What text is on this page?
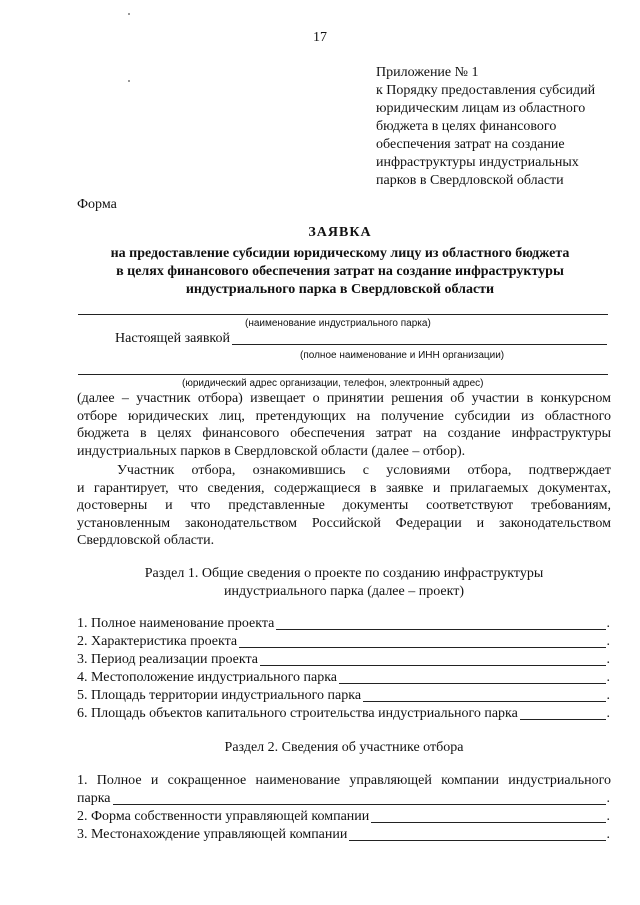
17
Приложение № 1
к Порядку предоставления субсидий
юридическим лицам из областного
бюджета в целях финансового
обеспечения затрат на создание
инфраструктуры индустриальных
парков в Свердловской области
Форма
ЗАЯВКА
на предоставление субсидии юридическому лицу из областного бюджета
в целях финансового обеспечения затрат на создание инфраструктуры
индустриального парка в Свердловской области
(наименование индустриального парка)
Настоящей заявкой
(полное наименование и ИНН организации)
(юридический адрес организации, телефон, электронный адрес)
(далее – участник отбора) извещает о принятии решения об участии в конкурсном
отборе юридических лиц, претендующих на получение субсидии из областного
бюджета в целях финансового обеспечения затрат на создание инфраструктуры
индустриальных парков в Свердловской области (далее – отбор).
Участник отбора, ознакомившись с условиями отбора, подтверждает
и гарантирует, что сведения, содержащиеся в заявке и прилагаемых документах,
достоверны и что представленные документы соответствуют требованиям,
установленным законодательством Российской Федерации и законодательством
Свердловской области.
Раздел 1. Общие сведения о проекте по созданию инфраструктуры
индустриального парка (далее – проект)
1. Полное наименование проекта	.
2. Характеристика проекта	.
3. Период реализации проекта	.
4. Местоположение индустриального парка	.
5. Площадь территории индустриального парка	.
6. Площадь объектов капитального строительства индустриального парка	.
Раздел 2. Сведения об участнике отбора
1. Полное и сокращенное наименование управляющей компании индустриального
парка	.
2. Форма собственности управляющей компании	.
3. Местонахождение управляющей компании	.
